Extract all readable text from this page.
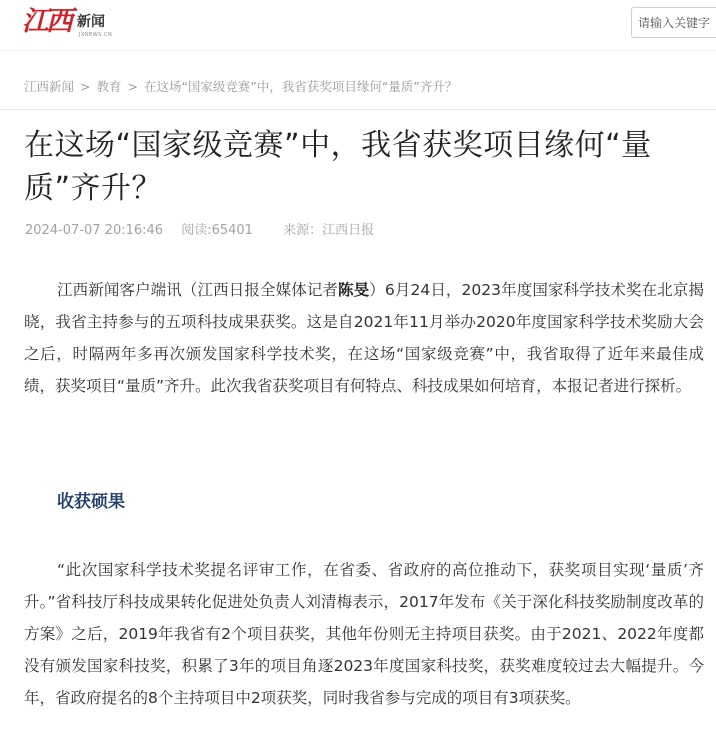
江西 新闻
JXNEWS.CN
请输入关键字
江西新闻 > 教育 > 在这场“国家级竞赛”中，我省获奖项目缘何“量质”齐升？
在这场“国家级竞赛”中，我省获奖项目缘何“量质”齐升？
2024-07-07 20:16:46 阅读:65401 来源：江西日报

江西新闻客户端讯（江西日报全媒体记者陈旻）6月24日，2023年度国家科学技术奖在北京揭晓，我省主持参与的五项科技成果获奖。这是自2021年11月举办2020年度国家科学技术奖励大会之后，时隔两年多再次颁发国家科学技术奖，在这场“国家级竞赛”中，我省取得了近年来最佳成绩，获奖项目“量质”齐升。此次我省获奖项目有何特点、科技成果如何培育，本报记者进行探析。

收获硕果

“此次国家科学技术奖提名评审工作，在省委、省政府的高位推动下，获奖项目实现‘量质’齐升。”省科技厅科技成果转化促进处负责人刘清梅表示，2017年发布《关于深化科技奖励制度改革的方案》之后，2019年我省有2个项目获奖，其他年份则无主持项目获奖。由于2021、2022年度都没有颁发国家科技奖，积累了3年的项目角逐2023年度国家科技奖，获奖难度较过去大幅提升。今年，省政府提名的8个主持项目中2项获奖，同时我省参与完成的项目有3项获奖。
